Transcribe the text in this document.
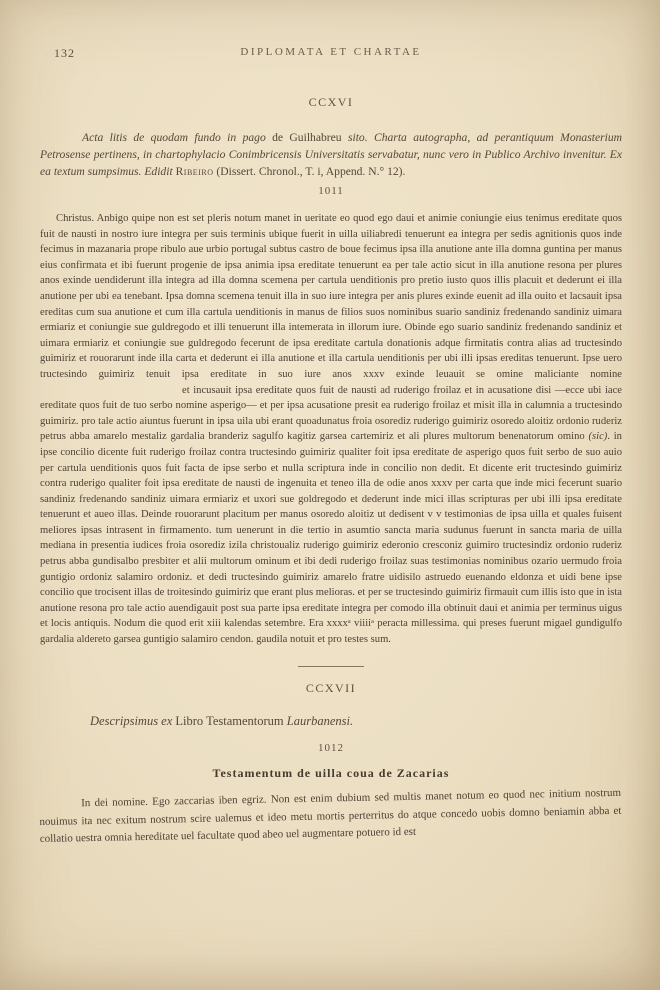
132	DIPLOMATA ET CHARTAE
CCXVI

Acta litis de quodam fundo in pago de Guilhabreu sito. Charta autographa, ad perantiquum Monasterium Petrosense pertinens, in chartophylacio Conimbricensis Universitatis servabatur, nunc vero in Publico Archivo invenitur. Ex ea textum sumpsimus. Edidit Ribeiro (Dissert. Chronol., T. i, Append. N.° 12).

1011

Christus. Anbigo quipe non est set pleris notum manet in ueritate eo quod ego daui et animie coniungie eius tenimus ereditate quos fuit de nausti in nostro iure integra per suis terminis ubique fuerit in uilla uiliabredi tenuerunt ea integra per sedis agnitionis quos inde fecimus in mazanaria prope ribulo aue urbio portugal subtus castro de boue fecimus ipsa illa anutione ante illa domna guntina per manus eius confirmata et ibi fuerunt progenie de ipsa animia ipsa ereditate tenuerunt ea per tale actio sicut in illa anutione resona per plures anos exinde uendiderunt illa integra ad illa domna scemena per cartula uenditionis pro pretio iusto quos illis placuit et dederunt ei illa anutione per ubi ea tenebant. Ipsa domna scemena tenuit illa in suo iure integra per anis plures exinde euenit ad illa ouito et lacsauit ipsa ereditas cum sua anutione et cum illa cartula uenditionis in manus de filios suos nominibus suario sandiniz fredenando sandiniz uimara ermiariz et coniungie sue guldregodo et illi tenuerunt illa intemerata in illorum iure. Obinde ego suario sandiniz fredenando sandiniz et uimara ermiariz et coniungie sue guldregodo fecerunt de ipsa ereditate cartula donationis adque firmitatis contra alias ad tructesindo guimiriz et rouorarunt inde illa carta et dederunt ei illa anutione et illa cartula uenditionis per ubi illi ipsas ereditas tenuerunt. Ipse uero tructesindo guimiriz tenuit ipsa ereditate in suo iure anos xxxv exinde leuauit se omine maliciante nomineet incusauit ipsa ereditate quos fuit de nausti ad ruderigo froilaz et in acusatione disi —ecce ubi iace ereditate quos fuit de tuo serbo nomine asperigo— et per ipsa acusatione presit ea ruderigo froilaz et misit illa in calumnia a tructesindo guimiriz. pro tale actio aiuntus fuerunt in ipsa uila ubi erant quoadunatus froia osorediz ruderigo guimiriz osoredo aloitiz ordonio ruderiz petrus abba amarelo mestaliz gardalia branderiz sagulfo kagitiz garsea cartemiriz et ali plures multorum benenatorum omino (sic). in ipse concilio dicente fuit ruderigo froilaz contra tructesindo guimiriz qualiter foit ipsa ereditate de asperigo quos fuit serbo de suo auio per cartula uenditionis quos fuit facta de ipse serbo et nulla scriptura inde in concilio non dedit. Et dicente erit tructesindo guimiriz contra ruderigo qualiter foit ipsa ereditate de nausti de ingenuita et teneo illa de odie anos xxxv per carta que inde mici fecerunt suario sandiniz fredenando sandiniz uimara ermiariz et uxori sue goldregodo et dederunt inde mici illas scripturas per ubi illi ipsa ereditate tenuerunt et aueo illas. Deinde rouorarunt placitum per manus osoredo aloitiz ut dedisent v v testimonias de ipsa uilla et quales fuisent meliores ipsas intrasent in firmamento. tum uenerunt in die tertio in asumtio sancta maria sudunus fuerunt in sancta maria de uilla mediana in presentia iudices froia osorediz izila christoualiz ruderigo guimiriz ederonio cresconiz guimiro tructesindiz ordonio ruderiz petrus abba gundisalbo presbiter et alii multorum ominum et ibi dedi ruderigo froilaz suas testimonias nominibus ozario uermudo froia guntigio ordoniz salamiro ordoniz. et dedi tructesindo guimiriz amarelo fratre uidisilo astruedo euenando eldonza et uidi bene ipse concilio que trocisent illas de troitesindo guimiriz que erant plus melioras. et per se tructesindo guimiriz firmauit cum illis isto que in ista anutione resona pro tale actio auendigauit post sua parte ipsa ereditate integra per comodo illa obtinuit daui et animia per terminus uigus et locis antiquis. Nodum die quod erit xiii kalendas setembre. Era xxxxᵃ viiiiᵃ peracta millessima. qui preses fuerunt migael gundigulfo gardalia aldereto garsea guntigio salamiro cendon. gaudila notuit et pro testes sum.

CCXVII

Descripsimus ex Libro Testamentorum Laurbanensi.

1012
Testamentum de uilla coua de Zacarias

In dei nomine. Ego zaccarias iben egriz. Non est enim dubium sed multis manet notum eo quod nec initium nostrum nouimus ita nec exitum nostrum scire ualemus et ideo metu mortis perterritus do atque concedo uobis domno beniamin abba et collatio uestra omnia hereditate uel facultate quod abeo uel augmentare potuero id est
